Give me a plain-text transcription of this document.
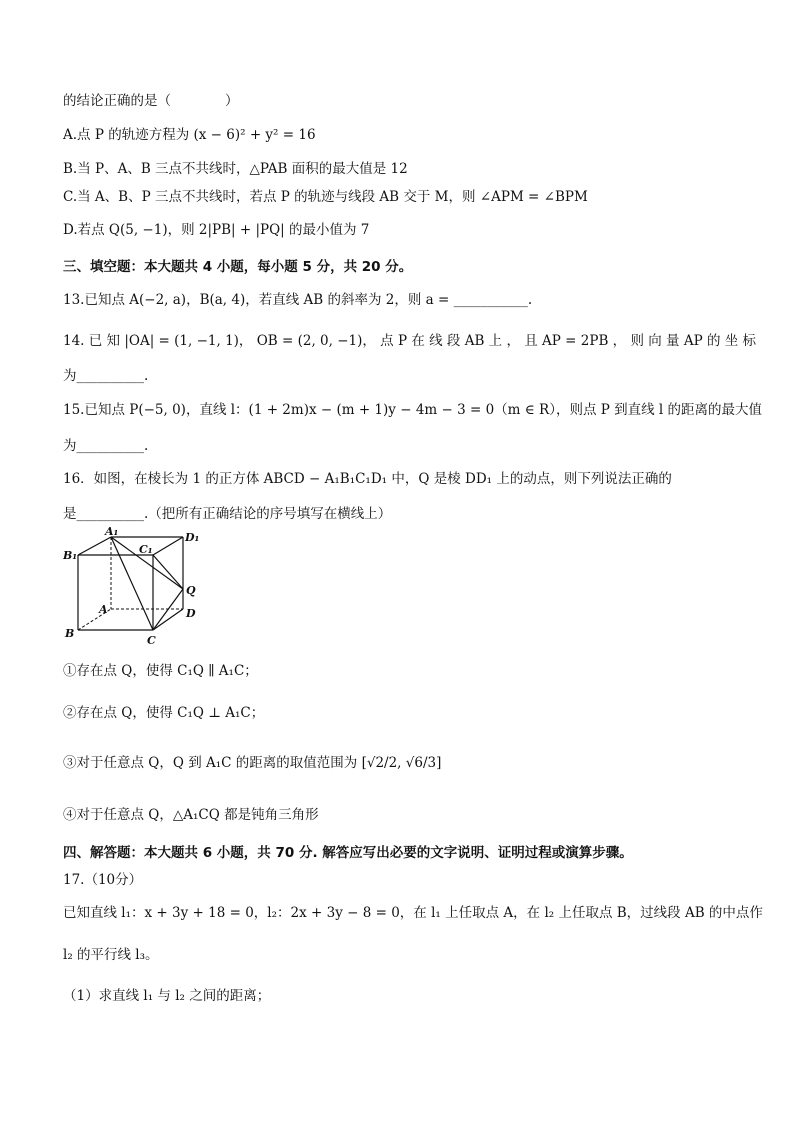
的结论正确的是（　　　　）
A.点 P 的轨迹方程为 (x − 6)² + y² = 16
B.当 P、A、B 三点不共线时，△PAB 面积的最大值是 12
C.当 A、B、P 三点不共线时，若点 P 的轨迹与线段 AB 交于 M，则 ∠APM = ∠BPM
D.若点 Q(5, −1)，则 2|PB| + |PQ| 的最小值为 7
三、填空题：本大题共 4 小题，每小题 5 分，共 20 分。
13.已知点 A(−2, a)，B(a, 4)，若直线 AB 的斜率为 2，则 a = ___________.
14. 已 知 |OA| = (1, −1, 1)， OB = (2, 0, −1)， 点 P 在 线 段 AB 上 ， 且 AP = 2PB ， 则 向 量 AP 的 坐 标
为__________.
15.已知点 P(−5, 0)，直线 l：(1 + 2m)x − (m + 1)y − 4m − 3 = 0（m ∈ R），则点 P 到直线 l 的距离的最大值
为__________.
16．如图，在棱长为 1 的正方体 ABCD − A₁B₁C₁D₁ 中，Q 是棱 DD₁ 上的动点，则下列说法正确的
是__________.（把所有正确结论的序号填写在横线上）
A₁
B₁	C₁
D₁
A
B
C
D
Q
①存在点 Q，使得 C₁Q ∥ A₁C；
②存在点 Q，使得 C₁Q ⊥ A₁C；
③对于任意点 Q，Q 到 A₁C 的距离的取值范围为 [√2/2, √6/3]
④对于任意点 Q，△A₁CQ 都是钝角三角形
四、解答题：本大题共 6 小题，共 70 分. 解答应写出必要的文字说明、证明过程或演算步骤。
17.（10分）
已知直线 l₁：x + 3y + 18 = 0，l₂：2x + 3y − 8 = 0，在 l₁ 上任取点 A，在 l₂ 上任取点 B，过线段 AB 的中点作
l₂ 的平行线 l₃。
（1）求直线 l₁ 与 l₂ 之间的距离；
